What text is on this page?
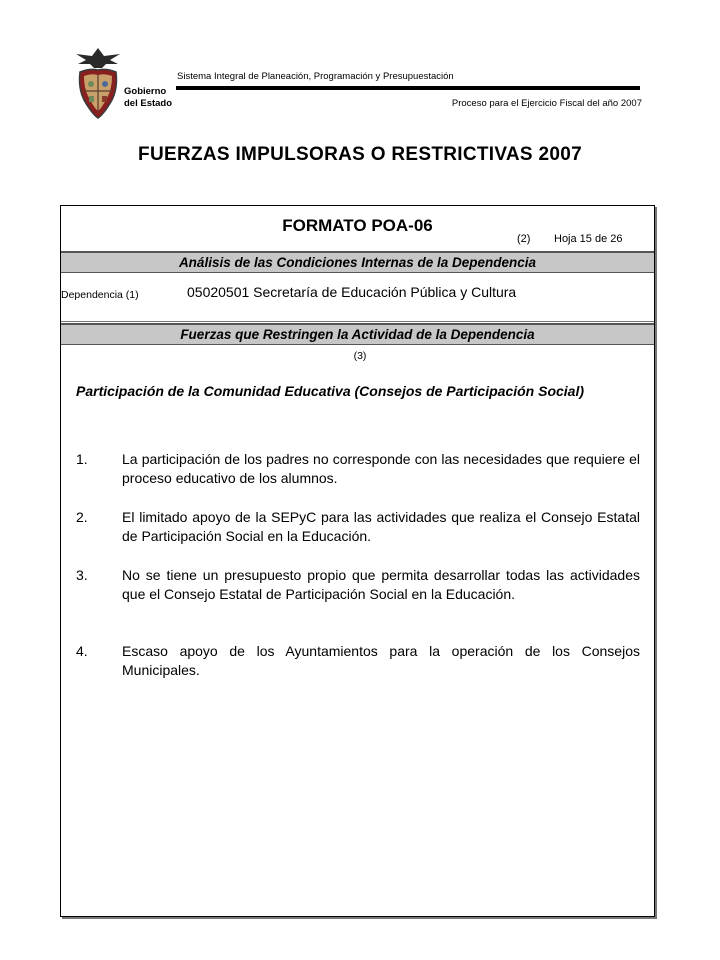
Gobierno
del Estado
Sistema Integral de Planeación, Programación y Presupuestación
Proceso para el Ejercicio Fiscal del año 2007
FUERZAS IMPULSORAS O RESTRICTIVAS 2007
FORMATO POA-06
(2) Hoja 15 de 26
Análisis de las Condiciones Internas de la Dependencia
Dependencia (1)	05020501 Secretaría de Educación Pública y Cultura
Fuerzas que Restringen la Actividad de la Dependencia
(3)
Participación de la Comunidad Educativa (Consejos de Participación Social)
1.	La participación de los padres no corresponde con las necesidades que requiere el proceso educativo de los alumnos.
2.	El limitado apoyo de la SEPyC para las actividades que realiza el Consejo Estatal de Participación Social en la Educación.
3.	No se tiene un presupuesto propio que permita desarrollar todas las actividades que el Consejo Estatal de Participación Social en la Educación.
4.	Escaso apoyo de los Ayuntamientos para la operación de los Consejos Municipales.
